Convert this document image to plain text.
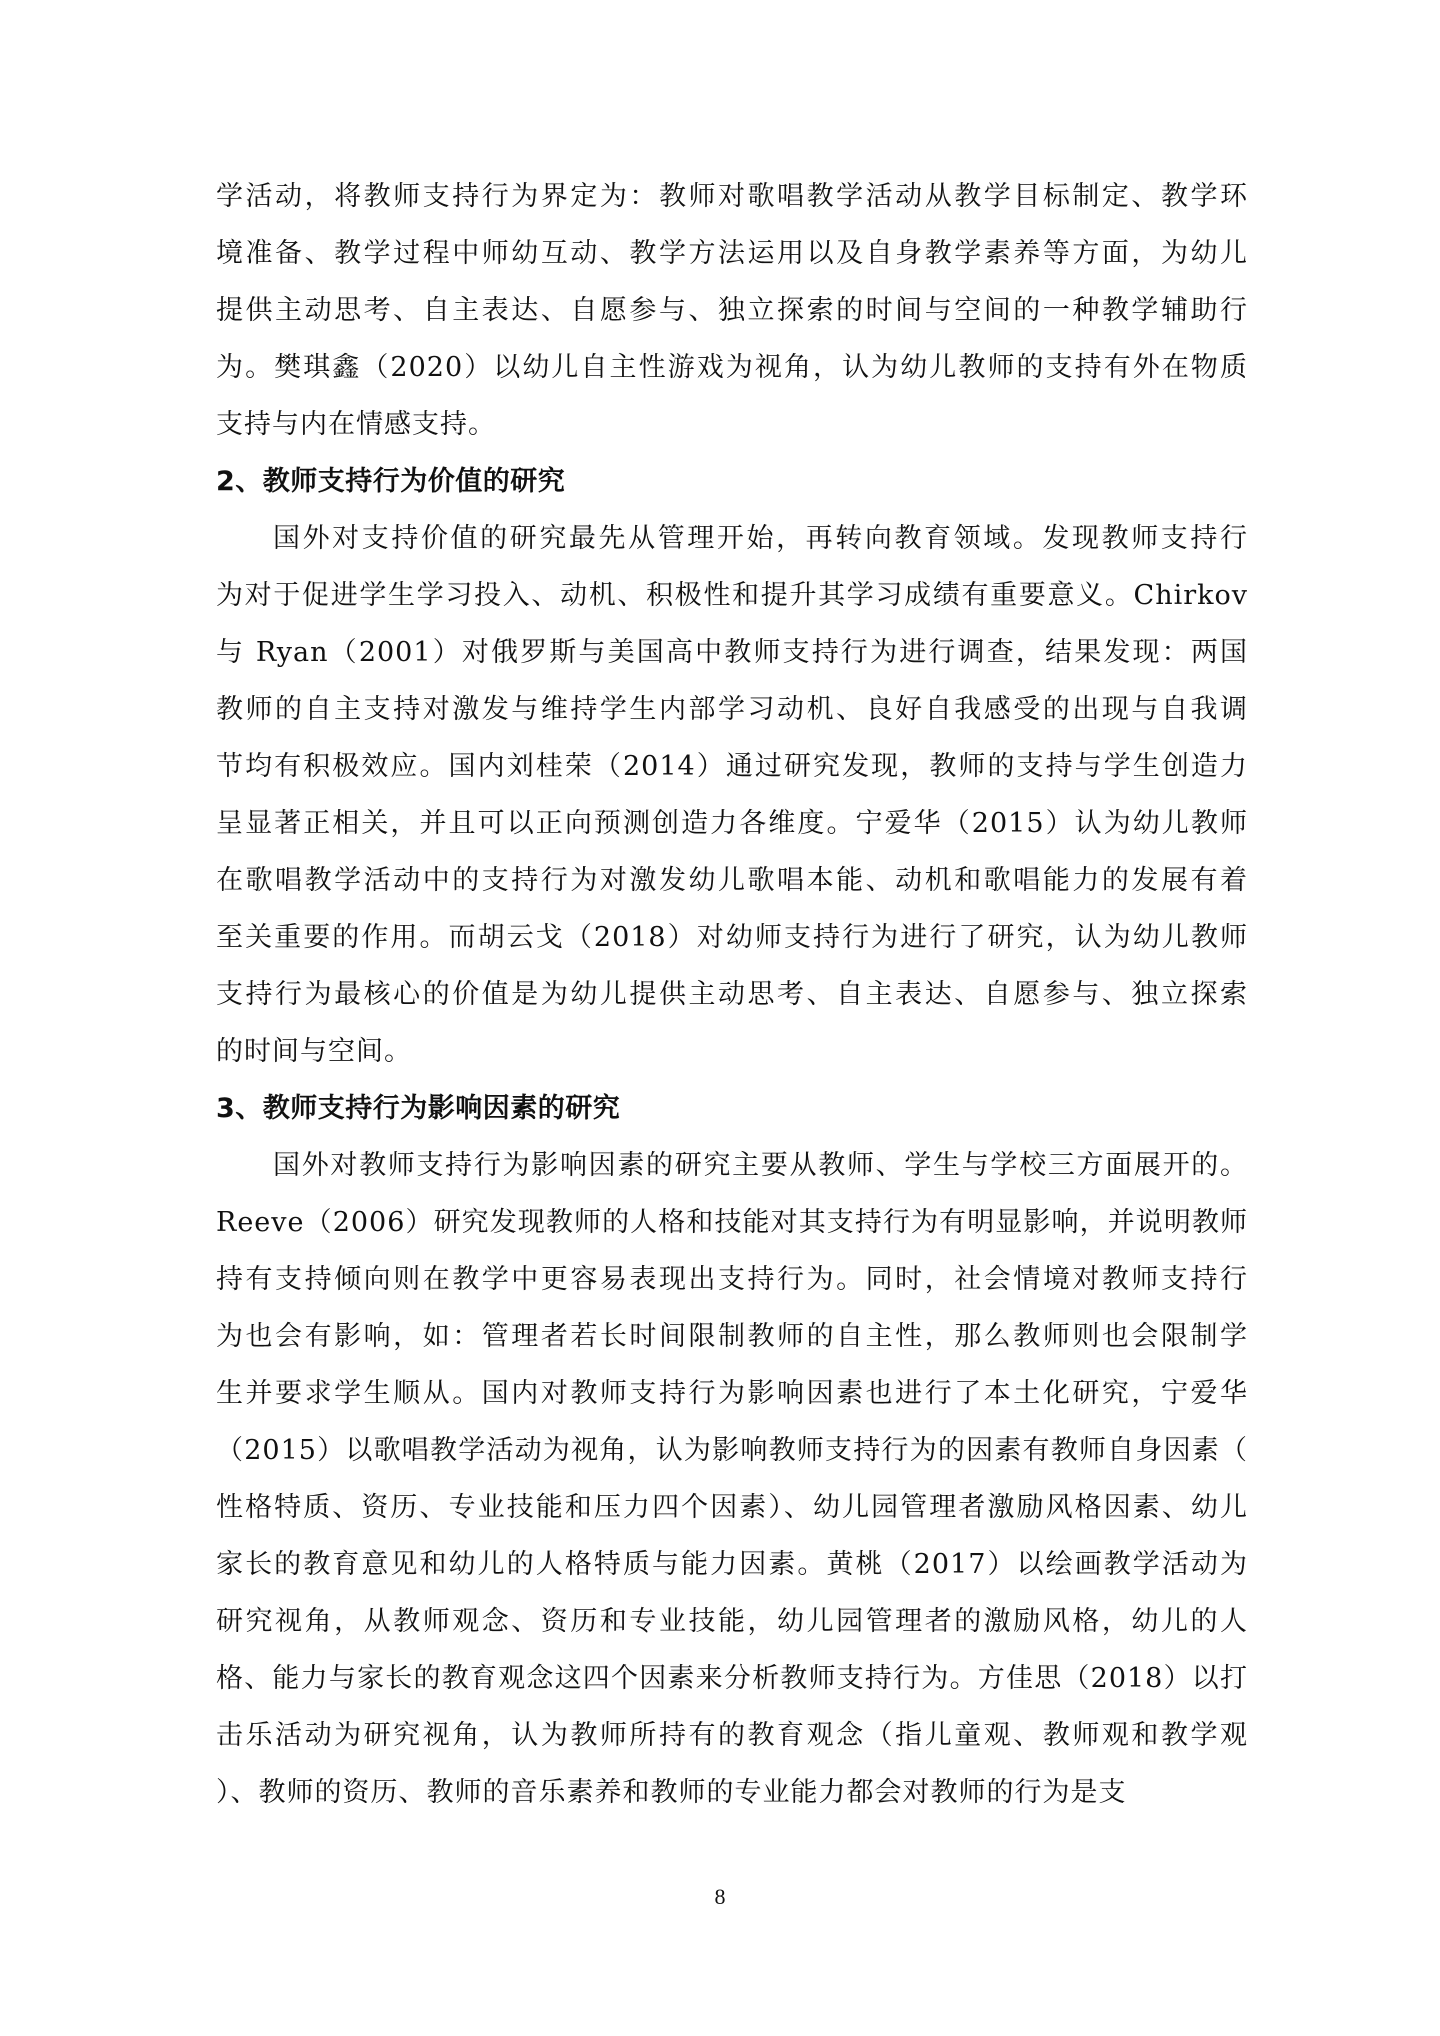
学活动，将教师支持行为界定为：教师对歌唱教学活动从教学目标制定、教学环
境准备、教学过程中师幼互动、教学方法运用以及自身教学素养等方面，为幼儿
提供主动思考、自主表达、自愿参与、独立探索的时间与空间的一种教学辅助行
为。樊琪鑫（2020）以幼儿自主性游戏为视角，认为幼儿教师的支持有外在物质
支持与内在情感支持。
2、教师支持行为价值的研究
国外对支持价值的研究最先从管理开始，再转向教育领域。发现教师支持行
为对于促进学生学习投入、动机、积极性和提升其学习成绩有重要意义。Chirkov
与 Ryan（2001）对俄罗斯与美国高中教师支持行为进行调查，结果发现：两国
教师的自主支持对激发与维持学生内部学习动机、良好自我感受的出现与自我调
节均有积极效应。国内刘桂荣（2014）通过研究发现，教师的支持与学生创造力
呈显著正相关，并且可以正向预测创造力各维度。宁爱华（2015）认为幼儿教师
在歌唱教学活动中的支持行为对激发幼儿歌唱本能、动机和歌唱能力的发展有着
至关重要的作用。而胡云戈（2018）对幼师支持行为进行了研究，认为幼儿教师
支持行为最核心的价值是为幼儿提供主动思考、自主表达、自愿参与、独立探索
的时间与空间。
3、教师支持行为影响因素的研究
国外对教师支持行为影响因素的研究主要从教师、学生与学校三方面展开的。
Reeve（2006）研究发现教师的人格和技能对其支持行为有明显影响，并说明教师
持有支持倾向则在教学中更容易表现出支持行为。同时，社会情境对教师支持行
为也会有影响，如：管理者若长时间限制教师的自主性，那么教师则也会限制学
生并要求学生顺从。国内对教师支持行为影响因素也进行了本土化研究，宁爱华
（2015）以歌唱教学活动为视角，认为影响教师支持行为的因素有教师自身因素（
性格特质、资历、专业技能和压力四个因素）、幼儿园管理者激励风格因素、幼儿
家长的教育意见和幼儿的人格特质与能力因素。黄桃（2017）以绘画教学活动为
研究视角，从教师观念、资历和专业技能，幼儿园管理者的激励风格，幼儿的人
格、能力与家长的教育观念这四个因素来分析教师支持行为。方佳思（2018）以打
击乐活动为研究视角，认为教师所持有的教育观念（指儿童观、教师观和教学观
）、教师的资历、教师的音乐素养和教师的专业能力都会对教师的行为是支
8
